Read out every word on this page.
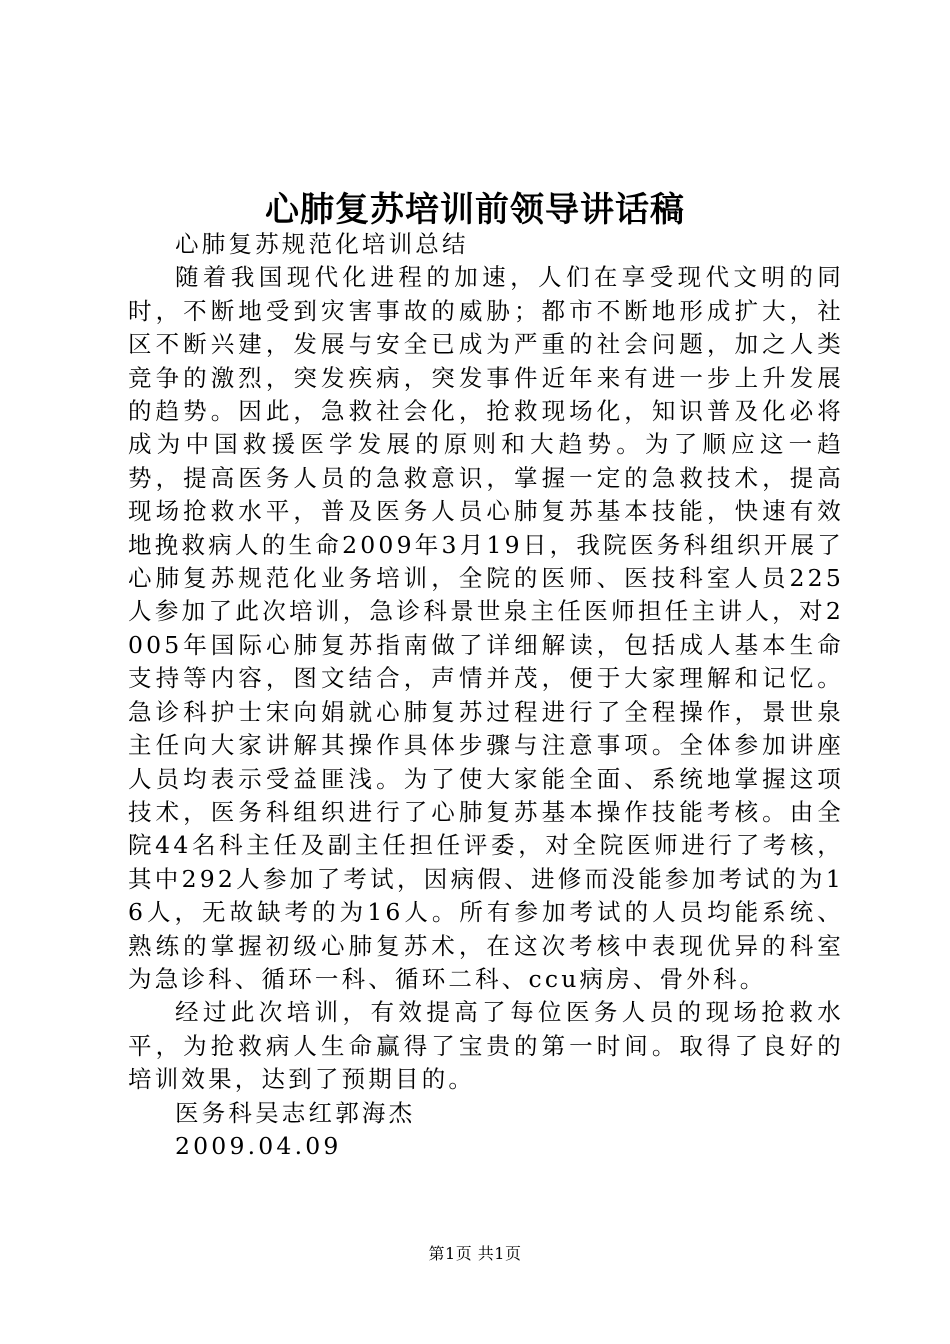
心肺复苏培训前领导讲话稿

心肺复苏规范化培训总结

随着我国现代化进程的加速，人们在享受现代文明的同时，不断地受到灾害事故的威胁；都市不断地形成扩大，社区不断兴建，发展与安全已成为严重的社会问题，加之人类竞争的激烈，突发疾病，突发事件近年来有进一步上升发展的趋势。因此，急救社会化，抢救现场化，知识普及化必将成为中国救援医学发展的原则和大趋势。为了顺应这一趋势，提高医务人员的急救意识，掌握一定的急救技术，提高现场抢救水平，普及医务人员心肺复苏基本技能，快速有效地挽救病人的生命2009年3月19日，我院医务科组织开展了心肺复苏规范化业务培训，全院的医师、医技科室人员225人参加了此次培训，急诊科景世泉主任医师担任主讲人，对2005年国际心肺复苏指南做了详细解读，包括成人基本生命支持等内容，图文结合，声情并茂，便于大家理解和记忆。急诊科护士宋向娟就心肺复苏过程进行了全程操作，景世泉主任向大家讲解其操作具体步骤与注意事项。全体参加讲座人员均表示受益匪浅。为了使大家能全面、系统地掌握这项技术，医务科组织进行了心肺复苏基本操作技能考核。由全院44名科主任及副主任担任评委，对全院医师进行了考核，其中292人参加了考试，因病假、进修而没能参加考试的为16人，无故缺考的为16人。所有参加考试的人员均能系统、熟练的掌握初级心肺复苏术，在这次考核中表现优异的科室为急诊科、循环一科、循环二科、ccu病房、骨外科。

经过此次培训，有效提高了每位医务人员的现场抢救水平，为抢救病人生命赢得了宝贵的第一时间。取得了良好的培训效果，达到了预期目的。

医务科吴志红郭海杰

2009.04.09

第1页 共1页
